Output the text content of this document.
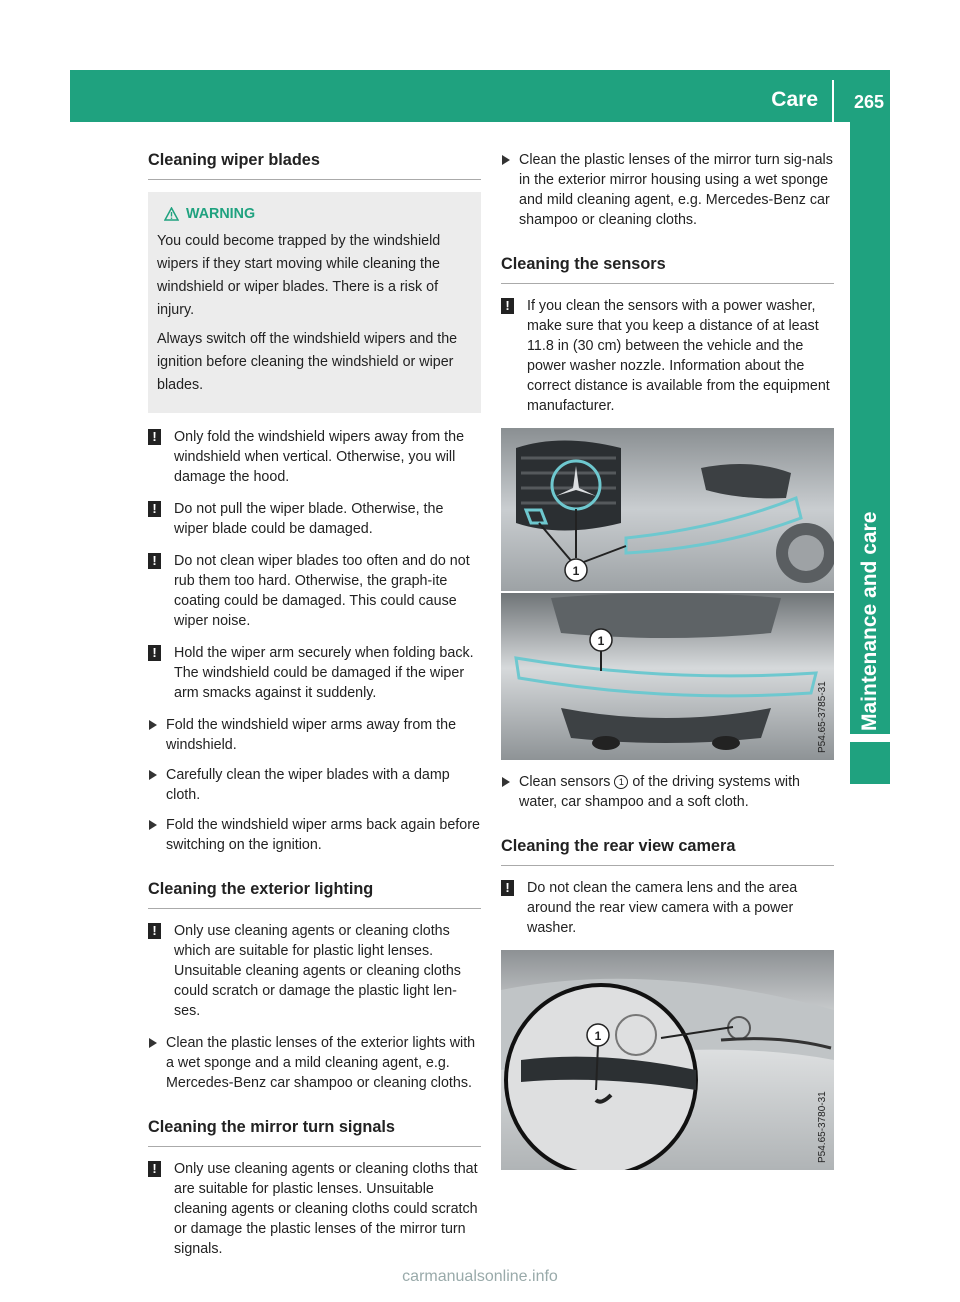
Care 265
Maintenance and care
Cleaning wiper blades
WARNING

You could become trapped by the windshield wipers if they start moving while cleaning the windshield or wiper blades. There is a risk of injury.

Always switch off the windshield wipers and the ignition before cleaning the windshield or wiper blades.

!	Only fold the windshield wipers away from the windshield when vertical. Otherwise, you will damage the hood.
!	Do not pull the wiper blade. Otherwise, the wiper blade could be damaged.
!	Do not clean wiper blades too often and do not rub them too hard. Otherwise, the graph-ite coating could be damaged. This could cause wiper noise.
!	Hold the wiper arm securely when folding back. The windshield could be damaged if the wiper arm smacks against it suddenly.
Fold the windshield wiper arms away from the windshield.
Carefully clean the wiper blades with a damp cloth.
Fold the windshield wiper arms back again before switching on the ignition.
Cleaning the exterior lighting
!	Only use cleaning agents or cleaning cloths which are suitable for plastic light lenses. Unsuitable cleaning agents or cleaning cloths could scratch or damage the plastic light len-ses.
Clean the plastic lenses of the exterior lights with a wet sponge and a mild cleaning agent, e.g. Mercedes-Benz car shampoo or cleaning cloths.
Cleaning the mirror turn signals
!	Only use cleaning agents or cleaning cloths that are suitable for plastic lenses. Unsuitable cleaning agents or cleaning cloths could scratch or damage the plastic lenses of the mirror turn signals.
Clean the plastic lenses of the mirror turn sig-nals in the exterior mirror housing using a wet sponge and mild cleaning agent, e.g. Mercedes-Benz car shampoo or cleaning cloths.
Cleaning the sensors
!	If you clean the sensors with a power washer, make sure that you keep a distance of at least 11.8 in (30 cm) between the vehicle and the power washer nozzle. Information about the correct distance is available from the equipment manufacturer.
1
1
P54.65-3785-31
Clean sensors 1 of the driving systems with water, car shampoo and a soft cloth.
Cleaning the rear view camera
!	Do not clean the camera lens and the area around the rear view camera with a power washer.
1
P54.65-3780-31
carmanualsonline.info
